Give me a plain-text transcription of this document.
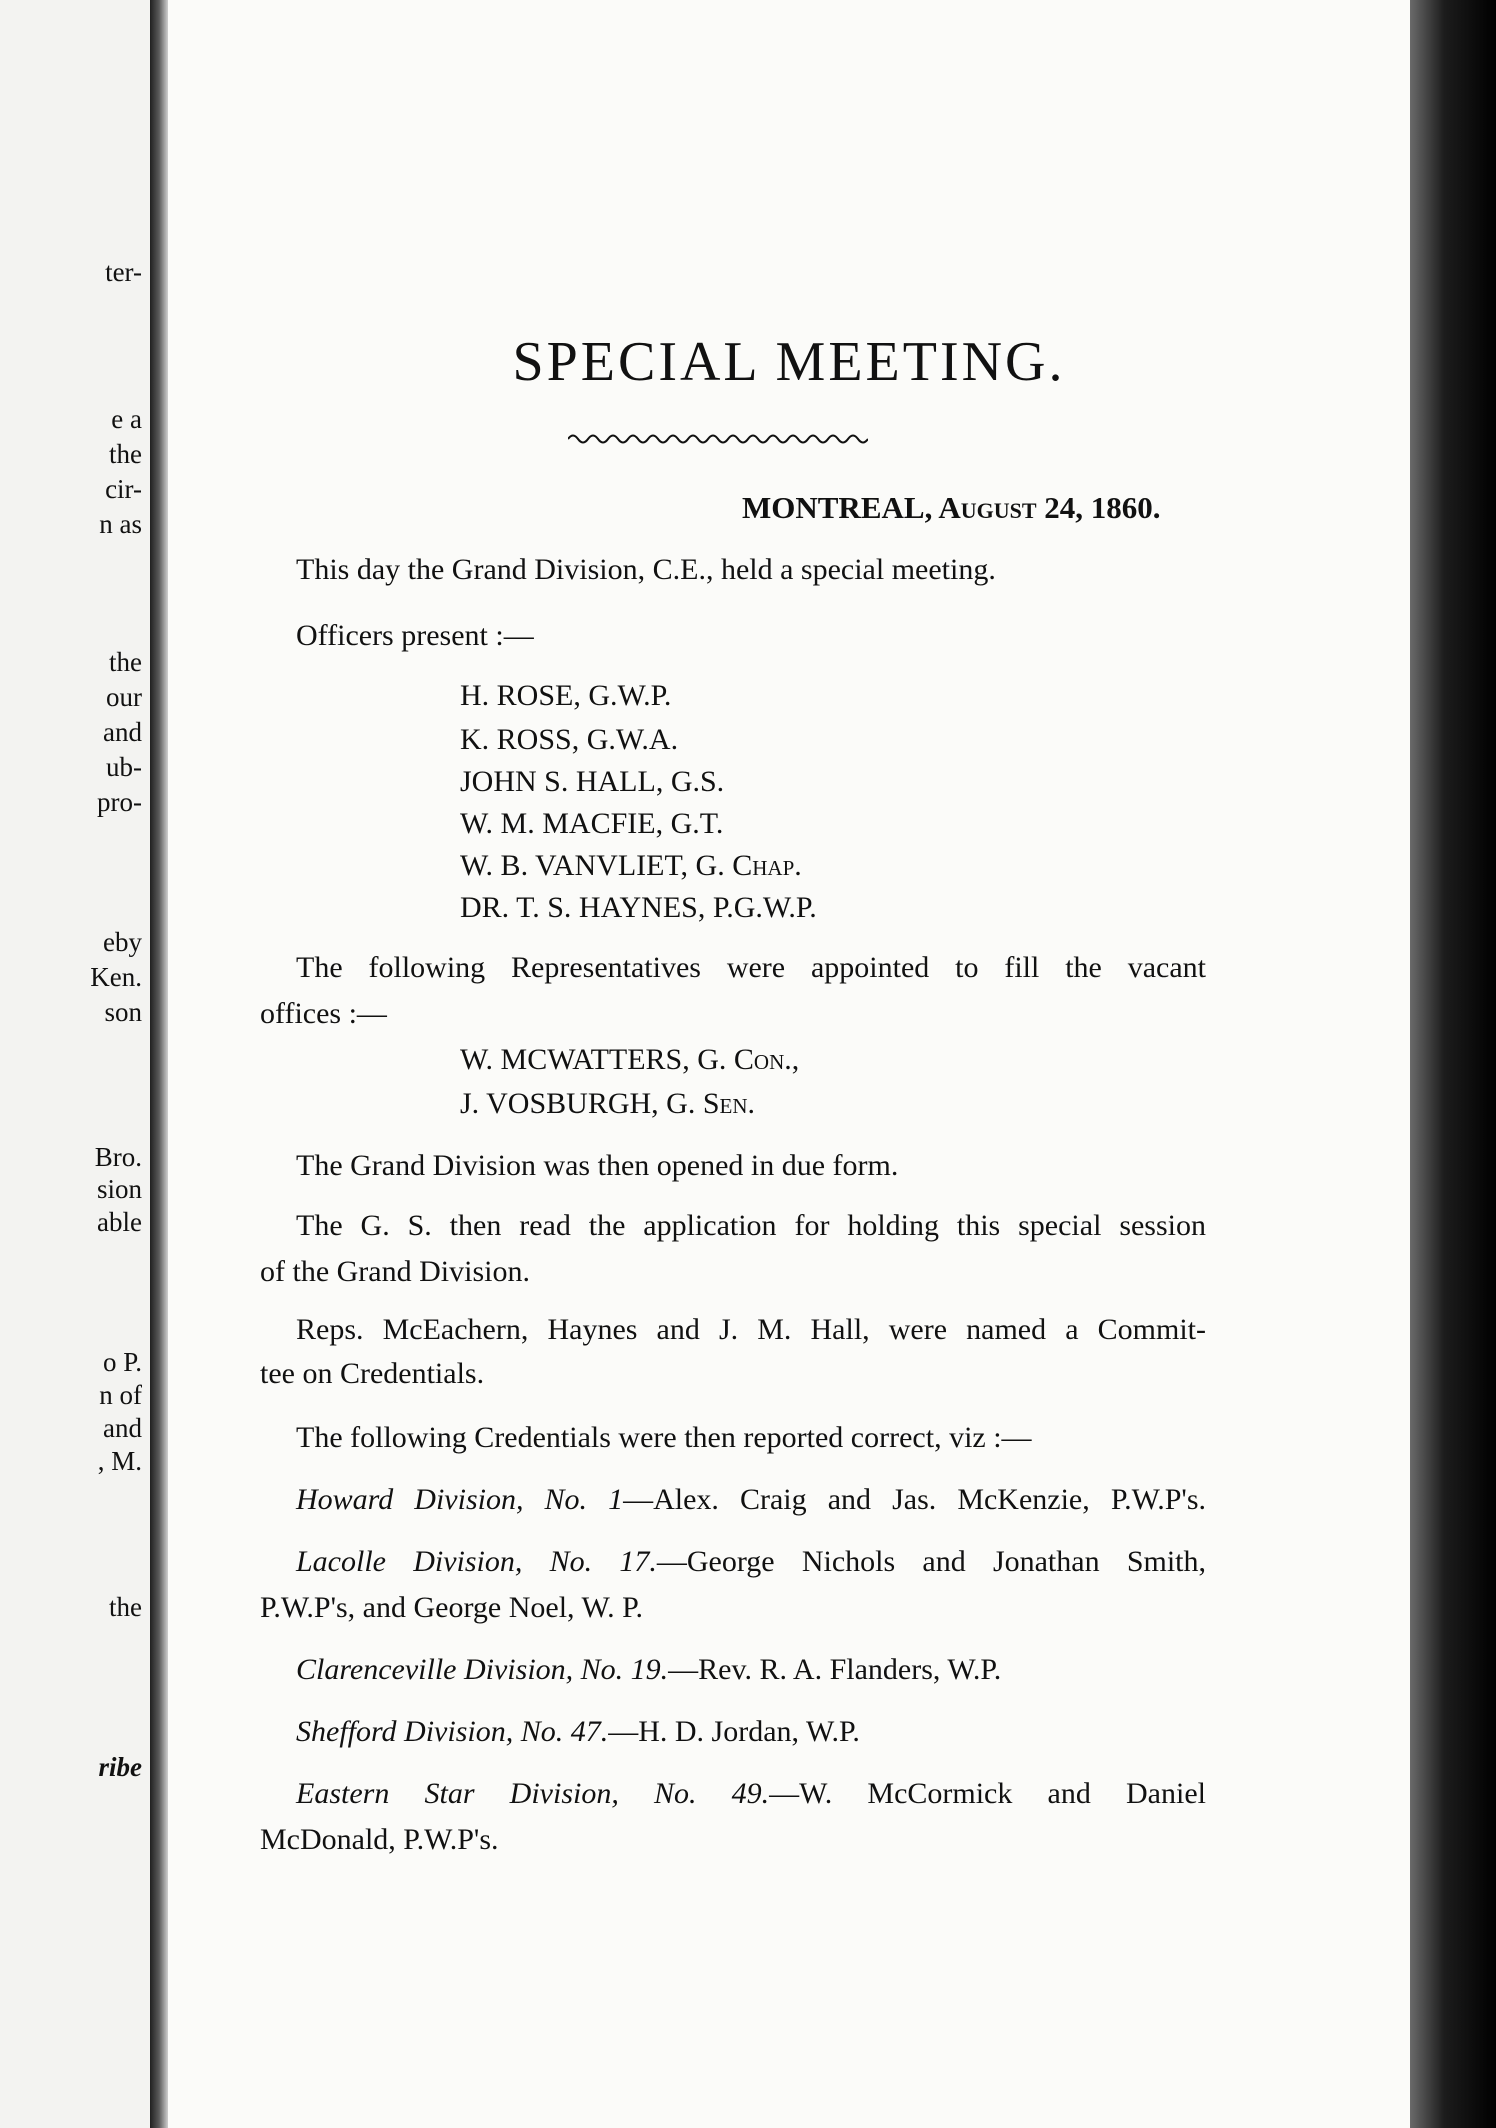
ter-
e a
the
cir-
n as
the
our
and
ub-
pro-
eby
Ken.
son
Bro.
sion
able
o P.
n of
and
, M.
the
ribe
SPECIAL MEETING.
MONTREAL, August 24, 1860.
This day the Grand Division, C.E., held a special meeting.
Officers present :—
H. ROSE, G.W.P.
K. ROSS, G.W.A.
JOHN S. HALL, G.S.
W. M. MACFIE, G.T.
W. B. VANVLIET, G. Chap.
DR. T. S. HAYNES, P.G.W.P.
The following Representatives were appointed to fill the vacant
offices :—
W. MCWATTERS, G. Con.,
J. VOSBURGH, G. Sen.
The Grand Division was then opened in due form.
The G. S. then read the application for holding this special session
of the Grand Division.
Reps. McEachern, Haynes and J. M. Hall, were named a Commit-
tee on Credentials.
The following Credentials were then reported correct, viz :—
Howard Division, No. 1—Alex. Craig and Jas. McKenzie, P.W.P's.
Lacolle Division, No. 17.—George Nichols and Jonathan Smith,
P.W.P's, and George Noel, W. P.
Clarenceville Division, No. 19.—Rev. R. A. Flanders, W.P.
Shefford Division, No. 47.—H. D. Jordan, W.P.
Eastern Star Division, No. 49.—W. McCormick and Daniel
McDonald, P.W.P's.
